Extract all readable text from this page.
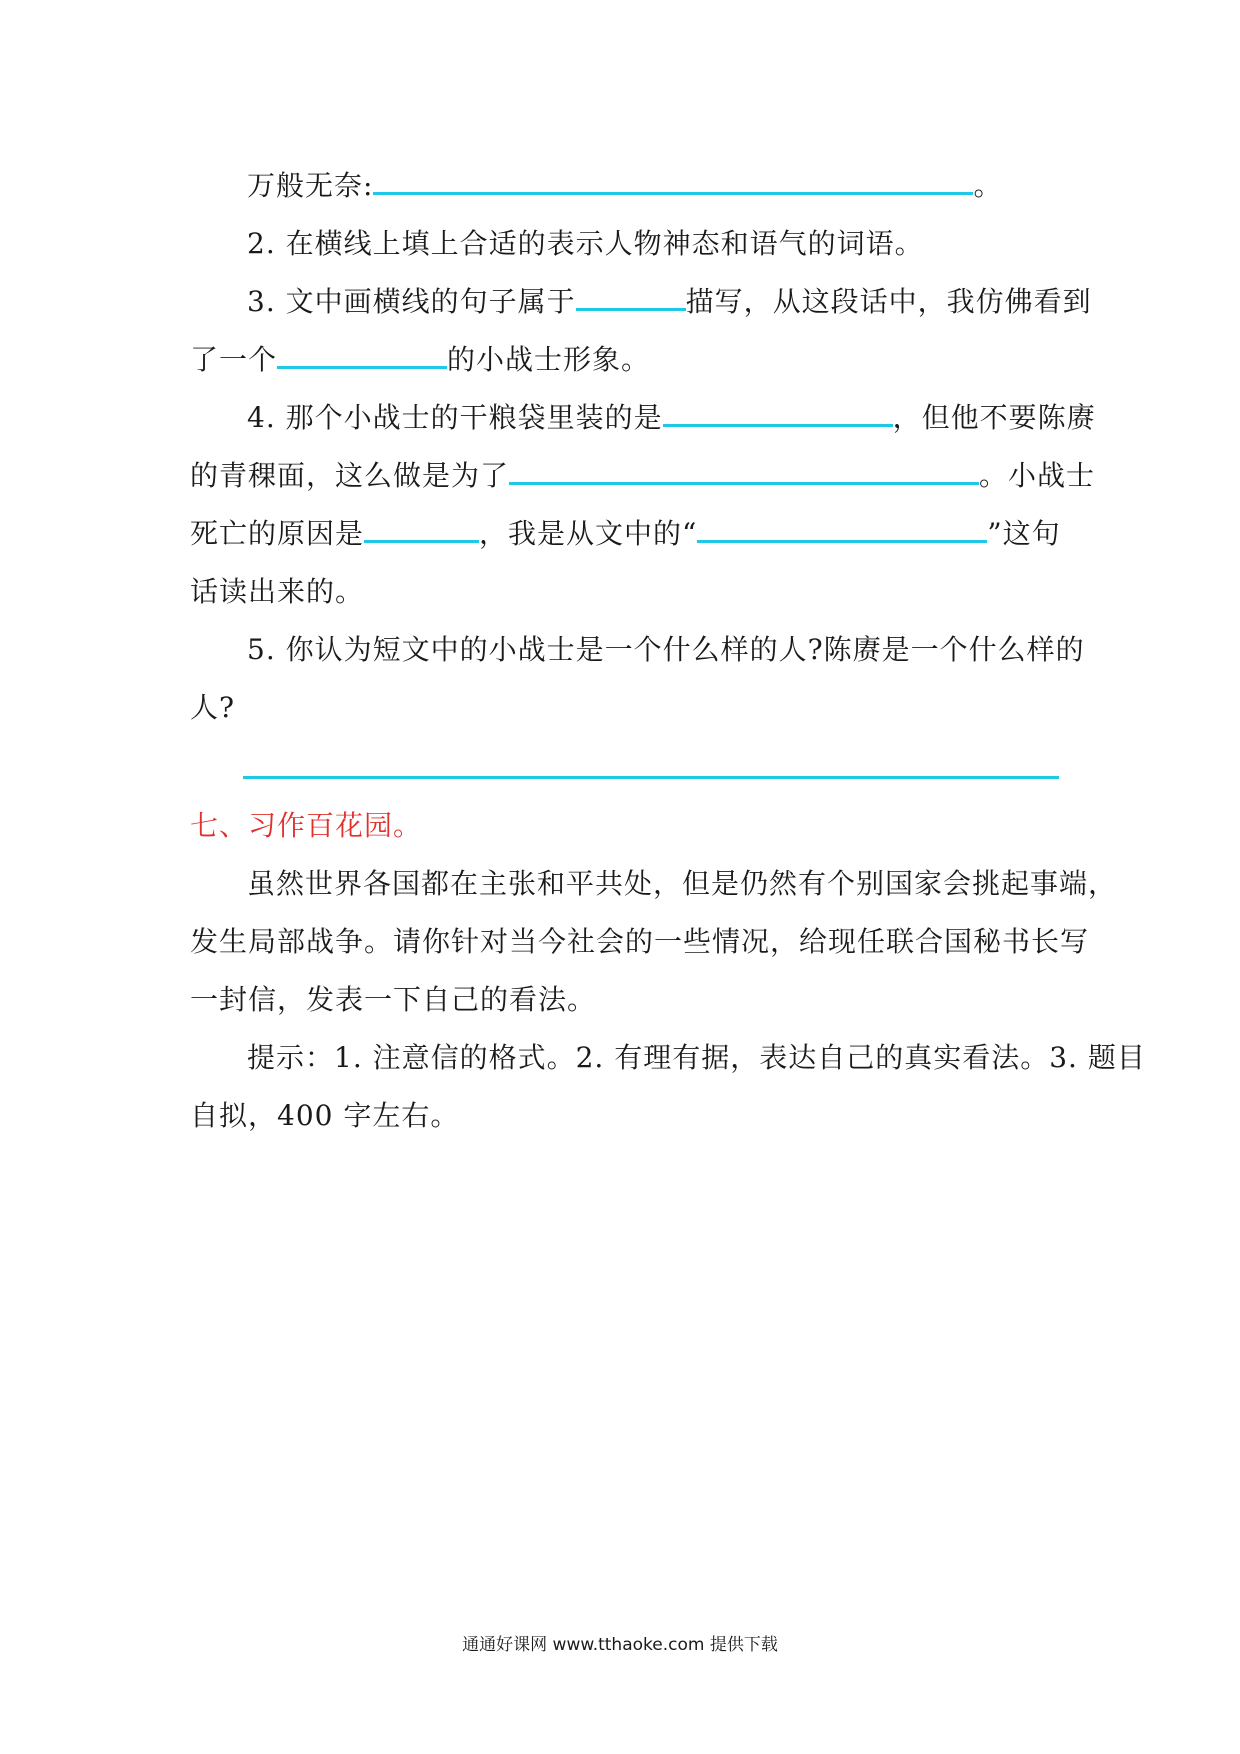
万般无奈:	。
2. 在横线上填上合适的表示人物神态和语气的词语。
3. 文中画横线的句子属于	描写，从这段话中，我仿佛看到
了一个	的小战士形象。
4. 那个小战士的干粮袋里装的是	，但他不要陈赓
的青稞面，这么做是为了	。小战士
死亡的原因是	，我是从文中的“	”这句
话读出来的。
5. 你认为短文中的小战士是一个什么样的人?陈赓是一个什么样的
人?
七、习作百花园。
虽然世界各国都在主张和平共处，但是仍然有个别国家会挑起事端，
发生局部战争。请你针对当今社会的一些情况，给现任联合国秘书长写
一封信，发表一下自己的看法。
提示：1. 注意信的格式。2. 有理有据，表达自己的真实看法。3. 题目
自拟，400 字左右。
通通好课网 www.tthaoke.com 提供下载
